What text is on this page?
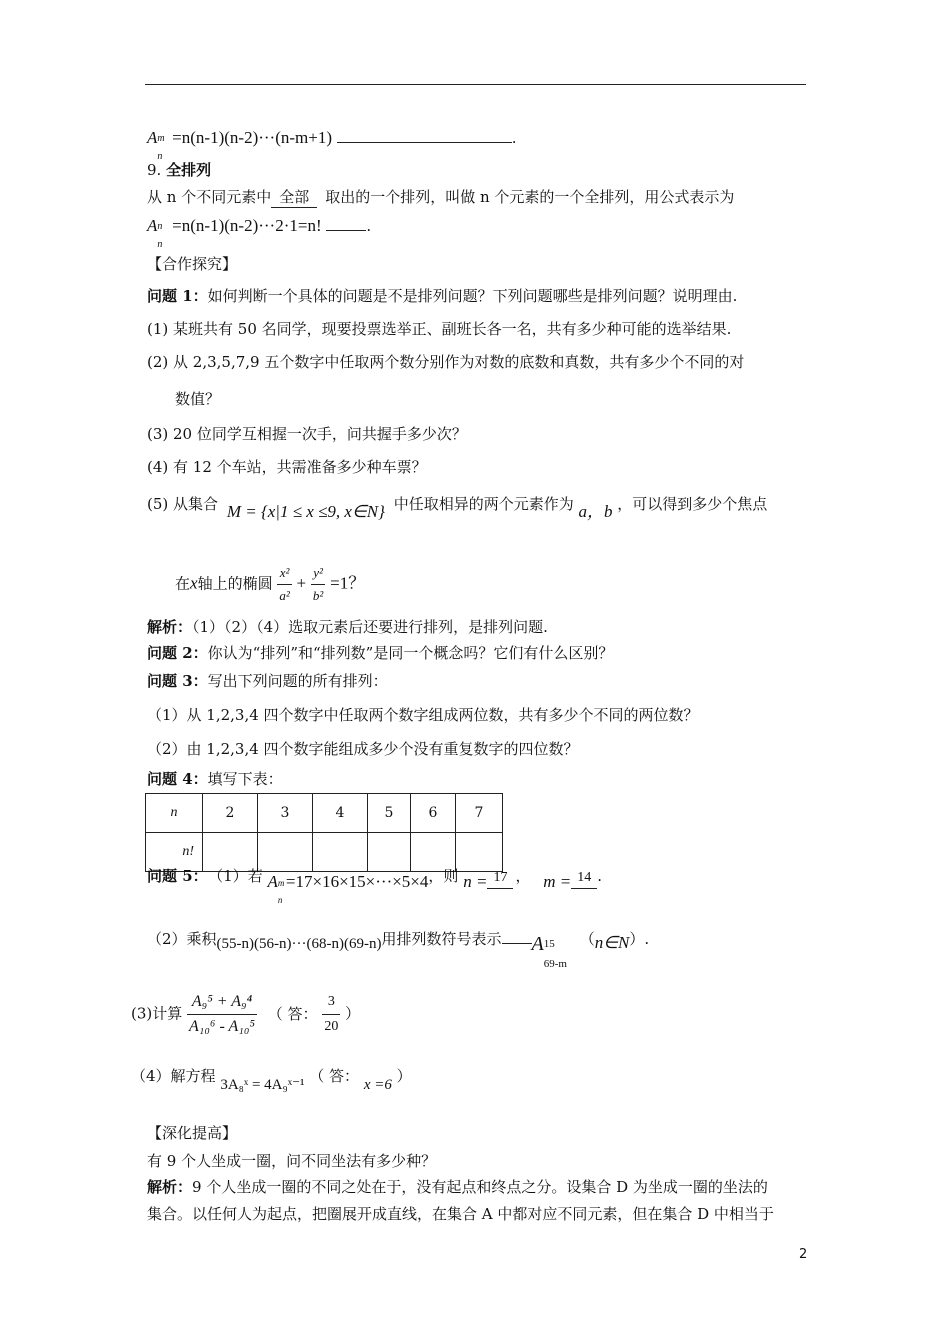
A m
n
=n(n-1)(n-2)···(n-m+1)	.
9. 全排列
从 n 个不同元素中 全部 取出的一个排列，叫做 n 个元素的一个全排列，用公式表示为
A n
n
=n(n-1)(n-2)···2·1=n!	.
【合作探究】
问题 1：如何判断一个具体的问题是不是排列问题？下列问题哪些是排列问题？说明理由.
(1) 某班共有 50 名同学，现要投票选举正、副班长各一名，共有多少种可能的选举结果.
(2) 从 2,3,5,7,9 五个数字中任取两个数分别作为对数的底数和真数，共有多少个不同的对
数值？
(3) 20 位同学互相握一次手，问共握手多少次？
(4) 有 12 个车站，共需准备多少种车票？
(5) 从集合 M = {x|1 ≤ x ≤9, x∈N} 中任取相异的两个元素作为 a，b ，可以得到多少个焦点
在x轴上的椭圆 $\frac{\text{x²}}{\text{a²}} + \frac{\text{y²}}{\text{b²}} =1$？
解析：（1）（2）（4）选取元素后还要进行排列，是排列问题.
问题 2：你认为“排列”和“排列数”是同一个概念吗？它们有什么区别？
问题 3：写出下列问题的所有排列：
（1）从 1,2,3,4 四个数字中任取两个数字组成两位数，共有多少个不同的两位数？
（2）由 1,2,3,4 四个数字能组成多少个没有重复数字的四位数？
问题 4：填写下表：
n	2	3	4	5	6	7
n!						
问题 5： （1）若 A m
n
=17×16×15×···×5×4，则 n = 17 ， m = 14 .
（2）乘积(55-n)(56-n)···(68-n)(69-n)用排列数符号表示 A 15
69-m
（n∈N）.
(3)计算 $\frac{\text{A₉⁵ + A₉⁴}}{\text{A₁₀⁶ - A₁₀⁵}}$ （ 答： $\frac{3}{20}$ ）
（4）解方程 3A₈ˣ = 4A₉ˣ⁻¹ （ 答： x =6 ）
【深化提高】
有 9 个人坐成一圈，问不同坐法有多少种？
解析：9 个人坐成一圈的不同之处在于，没有起点和终点之分。设集合 D 为坐成一圈的坐法的
集合。以任何人为起点，把圈展开成直线，在集合 A 中都对应不同元素，但在集合 D 中相当于
2
